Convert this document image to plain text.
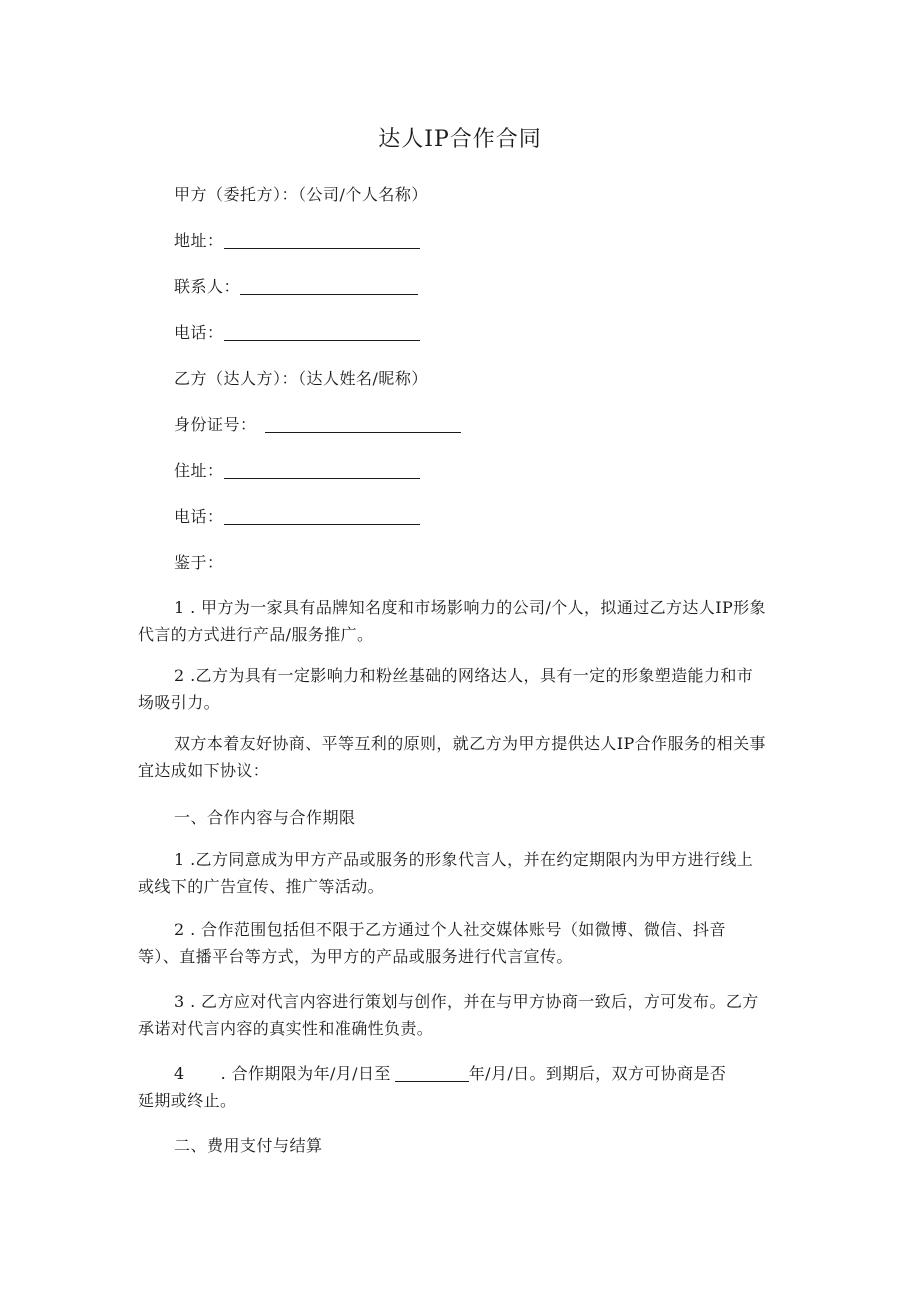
达人IP合作合同
甲方（委托方）：（公司/个人名称）
地址：
联系人：
电话：
乙方（达人方）：（达人姓名/昵称）
身份证号：
住址：
电话：
鉴于：
1 . 甲方为一家具有品牌知名度和市场影响力的公司/个人，拟通过乙方达人IP形象
代言的方式进行产品/服务推广。
2 .乙方为具有一定影响力和粉丝基础的网络达人，具有一定的形象塑造能力和市
场吸引力。
双方本着友好协商、平等互利的原则，就乙方为甲方提供达人IP合作服务的相关事
宜达成如下协议：
一、合作内容与合作期限
1 .乙方同意成为甲方产品或服务的形象代言人，并在约定期限内为甲方进行线上
或线下的广告宣传、推广等活动。
2 . 合作范围包括但不限于乙方通过个人社交媒体账号（如微博、微信、抖音
等）、直播平台等方式，为甲方的产品或服务进行代言宣传。
3 . 乙方应对代言内容进行策划与创作，并在与甲方协商一致后，方可发布。乙方
承诺对代言内容的真实性和准确性负责。
4 . 合作期限为年/月/日至	年/月/日。到期后，双方可协商是否
延期或终止。
二、费用支付与结算
